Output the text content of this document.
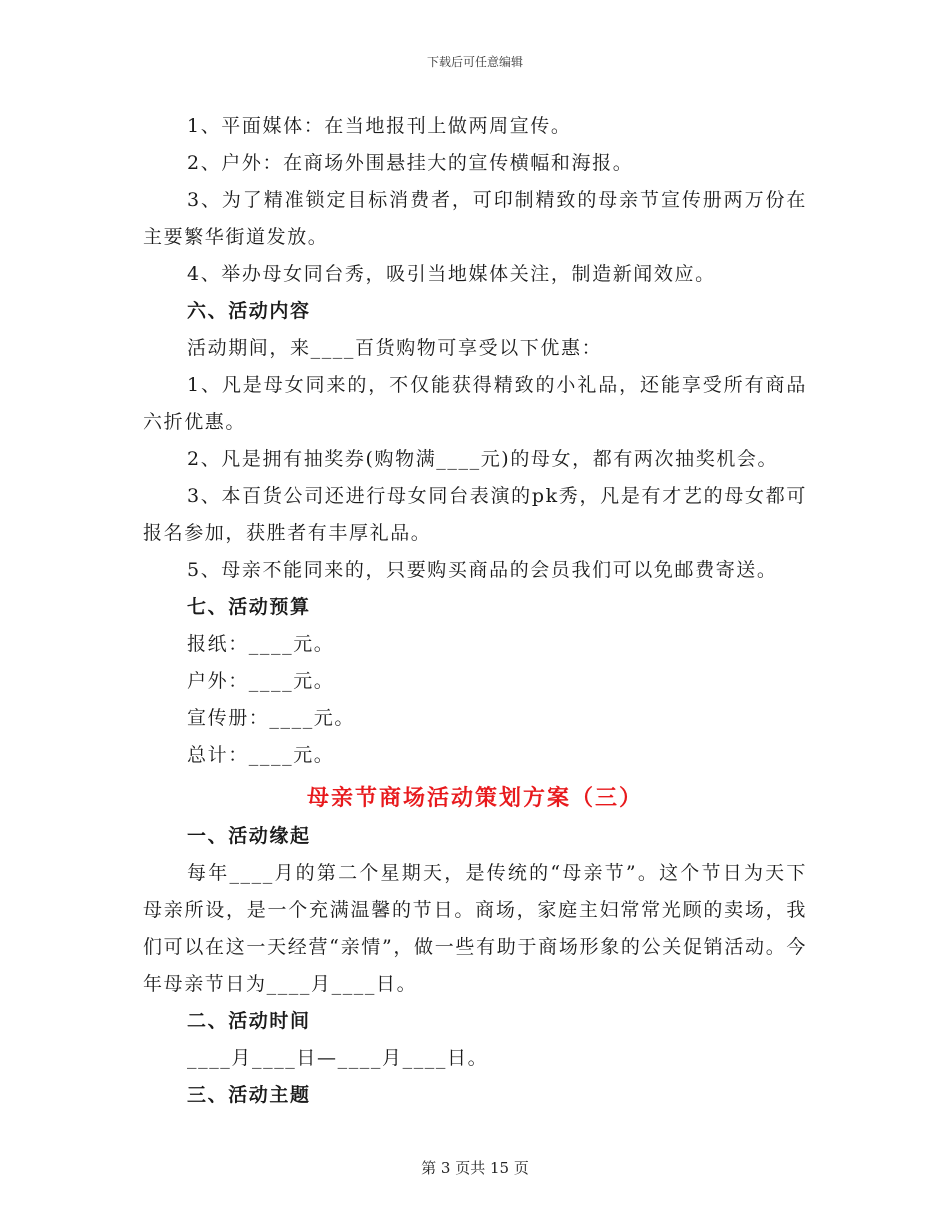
下载后可任意编辑

1、平面媒体：在当地报刊上做两周宣传。

2、户外：在商场外围悬挂大的宣传横幅和海报。

3、为了精准锁定目标消费者，可印制精致的母亲节宣传册两万份在主要繁华街道发放。

4、举办母女同台秀，吸引当地媒体关注，制造新闻效应。

六、活动内容

活动期间，来____百货购物可享受以下优惠：

1、凡是母女同来的，不仅能获得精致的小礼品，还能享受所有商品六折优惠。

2、凡是拥有抽奖券(购物满____元)的母女，都有两次抽奖机会。

3、本百货公司还进行母女同台表演的pk秀，凡是有才艺的母女都可报名参加，获胜者有丰厚礼品。

5、母亲不能同来的，只要购买商品的会员我们可以免邮费寄送。

七、活动预算

报纸：____元。

户外：____元。

宣传册：____元。

总计：____元。

母亲节商场活动策划方案（三）

一、活动缘起

每年____月的第二个星期天，是传统的“母亲节”。这个节日为天下母亲所设，是一个充满温馨的节日。商场，家庭主妇常常光顾的卖场，我们可以在这一天经营“亲情”，做一些有助于商场形象的公关促销活动。今年母亲节日为____月____日。

二、活动时间

____月____日—____月____日。

三、活动主题

第 3 页共 15 页
